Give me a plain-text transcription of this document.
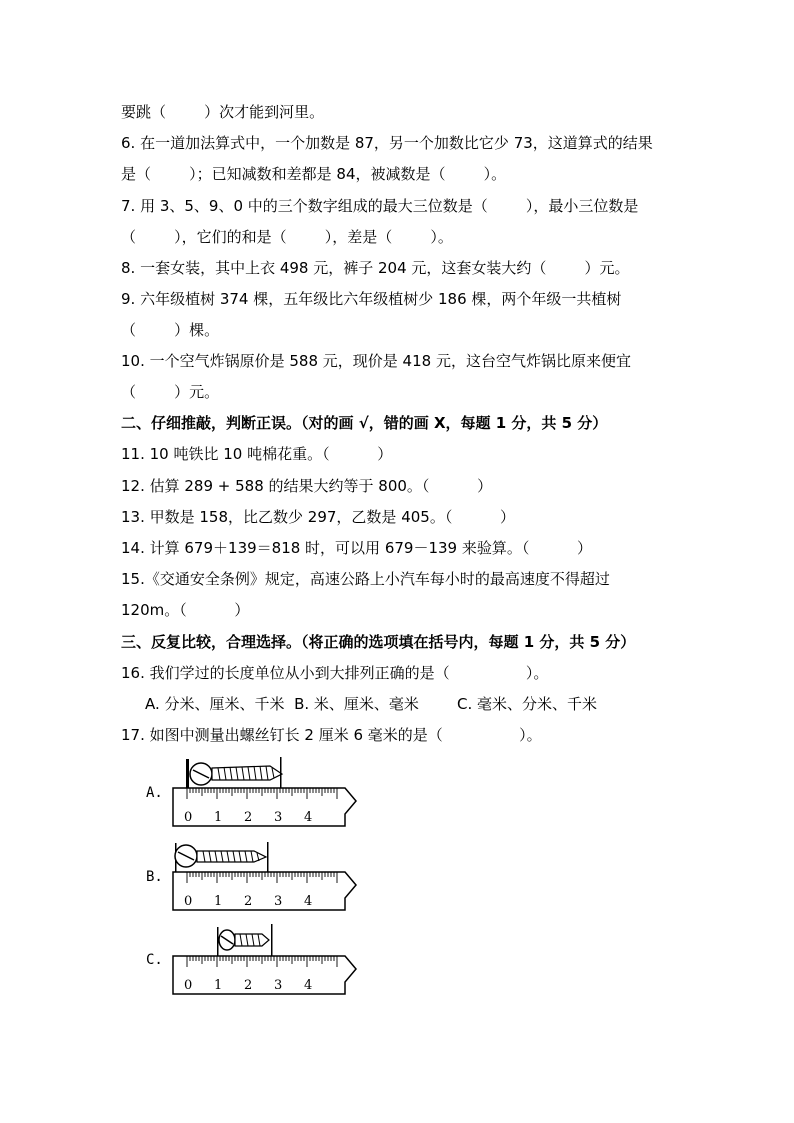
要跳（        ）次才能到河里。
6. 在一道加法算式中，一个加数是 87，另一个加数比它少 73，这道算式的结果
是（        ）；已知减数和差都是 84，被减数是（        ）。
7. 用 3、5、9、0 中的三个数字组成的最大三位数是（        ），最小三位数是
（        ），它们的和是（        ），差是（        ）。
8. 一套女装，其中上衣 498 元，裤子 204 元，这套女装大约（        ）元。
9. 六年级植树 374 棵，五年级比六年级植树少 186 棵，两个年级一共植树
（        ）棵。
10. 一个空气炸锅原价是 588 元，现价是 418 元，这台空气炸锅比原来便宜
（        ）元。
二、仔细推敲，判断正误。（对的画 √，错的画 X，每题 1 分，共 5 分）
11. 10 吨铁比 10 吨棉花重。（          ）
12. 估算 289 + 588 的结果大约等于 800。（          ）
13. 甲数是 158，比乙数少 297，乙数是 405。（          ）
14. 计算 679＋139＝818 时，可以用 679－139 来验算。（          ）
15.《交通安全条例》规定，高速公路上小汽车每小时的最高速度不得超过
120m。（          ）
三、反复比较，合理选择。（将正确的选项填在括号内，每题 1 分，共 5 分）
16. 我们学过的长度单位从小到大排列正确的是（                ）。
A. 分米、厘米、千米  B. 米、厘米、毫米        C. 毫米、分米、千米
17. 如图中测量出螺丝钉长 2 厘米 6 毫米的是（                ）。
A.
B.
C.
0 1 2 3 4
0 1 2 3 4
0 1 2 3 4
